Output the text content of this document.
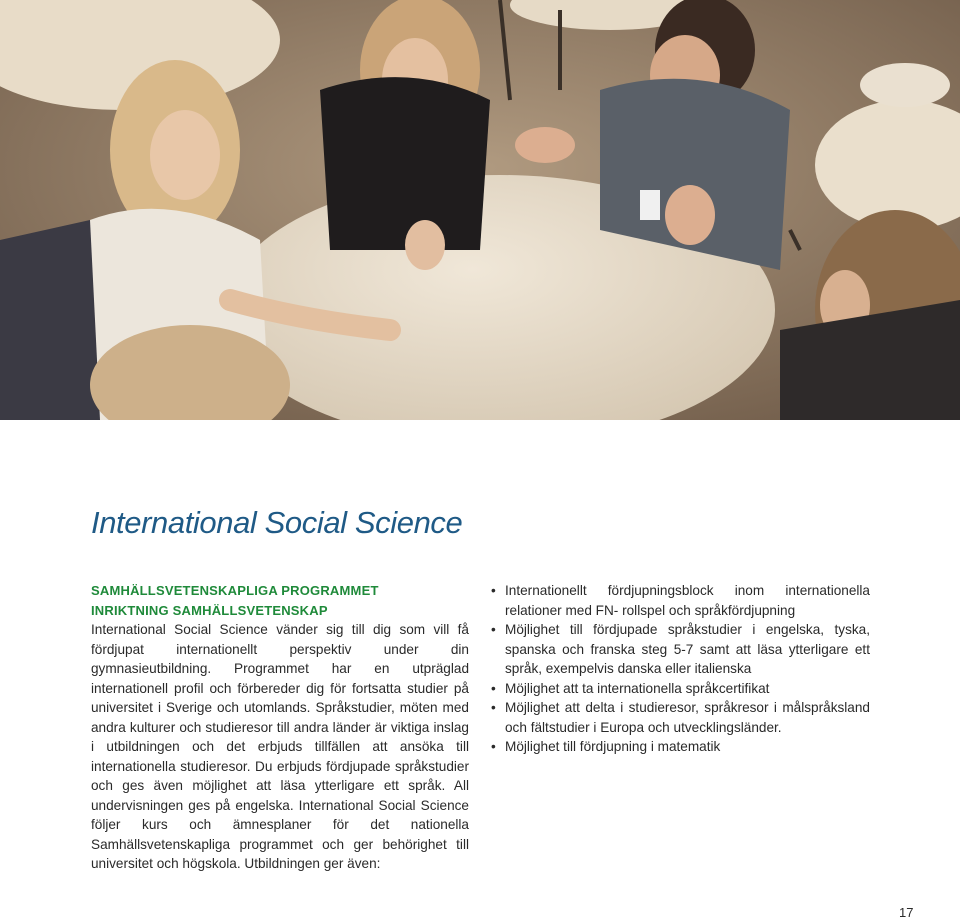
International Social Science

SAMHÄLLSVETENSKAPLIGA PROGRAMMET

INRIKTNING SAMHÄLLSVETENSKAP

International Social Science vänder sig till dig som vill få fördjupat internationellt perspektiv under din gymnasieutbildning. Programmet har en utpräglad internationell profil och förbereder dig för fortsatta studier på universitet i Sverige och utomlands. Språkstudier, möten med andra kulturer och studieresor till andra länder är viktiga inslag i utbildningen och det erbjuds tillfällen att ansöka till internationella studieresor. Du erbjuds fördjupade språkstudier och ges även möjlighet att läsa ytterligare ett språk. All undervisningen ges på engelska. International Social Science följer kurs och ämnesplaner för det nationella Samhällsvetenskapliga programmet och ger behörighet till universitet och högskola. Utbildningen ger även:

• Internationellt fördjupningsblock inom internationella relationer med FN- rollspel och språkfördjupning
• Möjlighet till fördjupade språkstudier i engelska, tyska, spanska och franska steg 5-7 samt att läsa ytterligare ett språk, exempelvis danska eller italienska
• Möjlighet att ta internationella språkcertifikat
• Möjlighet att delta i studieresor, språkresor i målspråksland och fältstudier i Europa och utvecklingsländer.
• Möjlighet till fördjupning i matematik
17
